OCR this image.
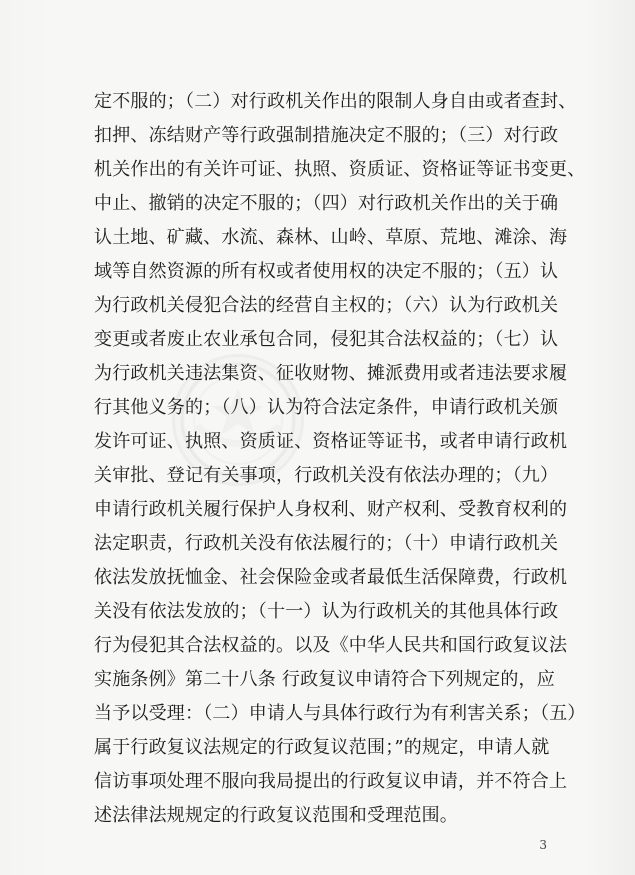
定不服的；（二）对行政机关作出的限制人身自由或者查封、
扣押、冻结财产等行政强制措施决定不服的；（三）对行政
机关作出的有关许可证、执照、资质证、资格证等证书变更、
中止、撤销的决定不服的；（四）对行政机关作出的关于确
认土地、矿藏、水流、森林、山岭、草原、荒地、滩涂、海
域等自然资源的所有权或者使用权的决定不服的；（五）认
为行政机关侵犯合法的经营自主权的；（六）认为行政机关
变更或者废止农业承包合同，侵犯其合法权益的；（七）认
为行政机关违法集资、征收财物、摊派费用或者违法要求履
行其他义务的；（八）认为符合法定条件，申请行政机关颁
发许可证、执照、资质证、资格证等证书，或者申请行政机
关审批、登记有关事项，行政机关没有依法办理的；（九）
申请行政机关履行保护人身权利、财产权利、受教育权利的
法定职责，行政机关没有依法履行的；（十）申请行政机关
依法发放抚恤金、社会保险金或者最低生活保障费，行政机
关没有依法发放的；（十一）认为行政机关的其他具体行政
行为侵犯其合法权益的。以及《中华人民共和国行政复议法
实施条例》第二十八条 行政复议申请符合下列规定的，应
当予以受理：（二）申请人与具体行政行为有利害关系；（五）
属于行政复议法规定的行政复议范围；”的规定，申请人就
信访事项处理不服向我局提出的行政复议申请，并不符合上
述法律法规规定的行政复议范围和受理范围。
3
